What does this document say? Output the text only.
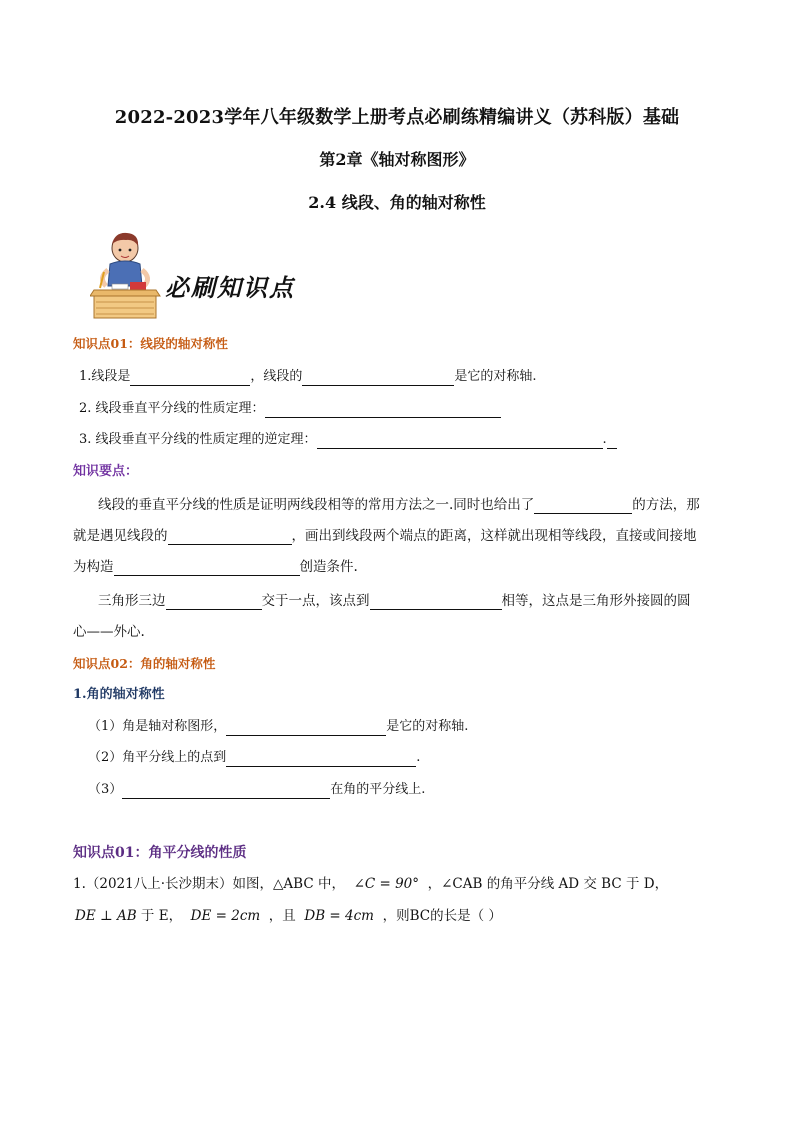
2022-2023学年八年级数学上册考点必刷练精编讲义（苏科版）基础
第2章《轴对称图形》
2.4 线段、角的轴对称性
必刷知识点
知识点01：线段的轴对称性
1.线段是	，线段的	是它的对称轴.
2. 线段垂直平分线的性质定理：
3. 线段垂直平分线的性质定理的逆定理：	.
知识要点：
线段的垂直平分线的性质是证明两线段相等的常用方法之一.同时也给出了	的方法，那
就是遇见线段的	，画出到线段两个端点的距离，这样就出现相等线段，直接或间接地
为构造	创造条件.
三角形三边	交于一点，该点到	相等，这点是三角形外接圆的圆
心——外心.
知识点02：角的轴对称性
1.角的轴对称性
（1）角是轴对称图形，	是它的对称轴.
（2）角平分线上的点到	.
（3）	在角的平分线上.
知识点01：角平分线的性质
1.（2021八上·长沙期末）如图，△ABC 中， ∠C = 90° ，∠CAB 的角平分线 AD 交 BC 于 D，
DE ⊥ AB 于 E， DE = 2cm ，且  DB = 4cm ，则BC的长是（ ）
